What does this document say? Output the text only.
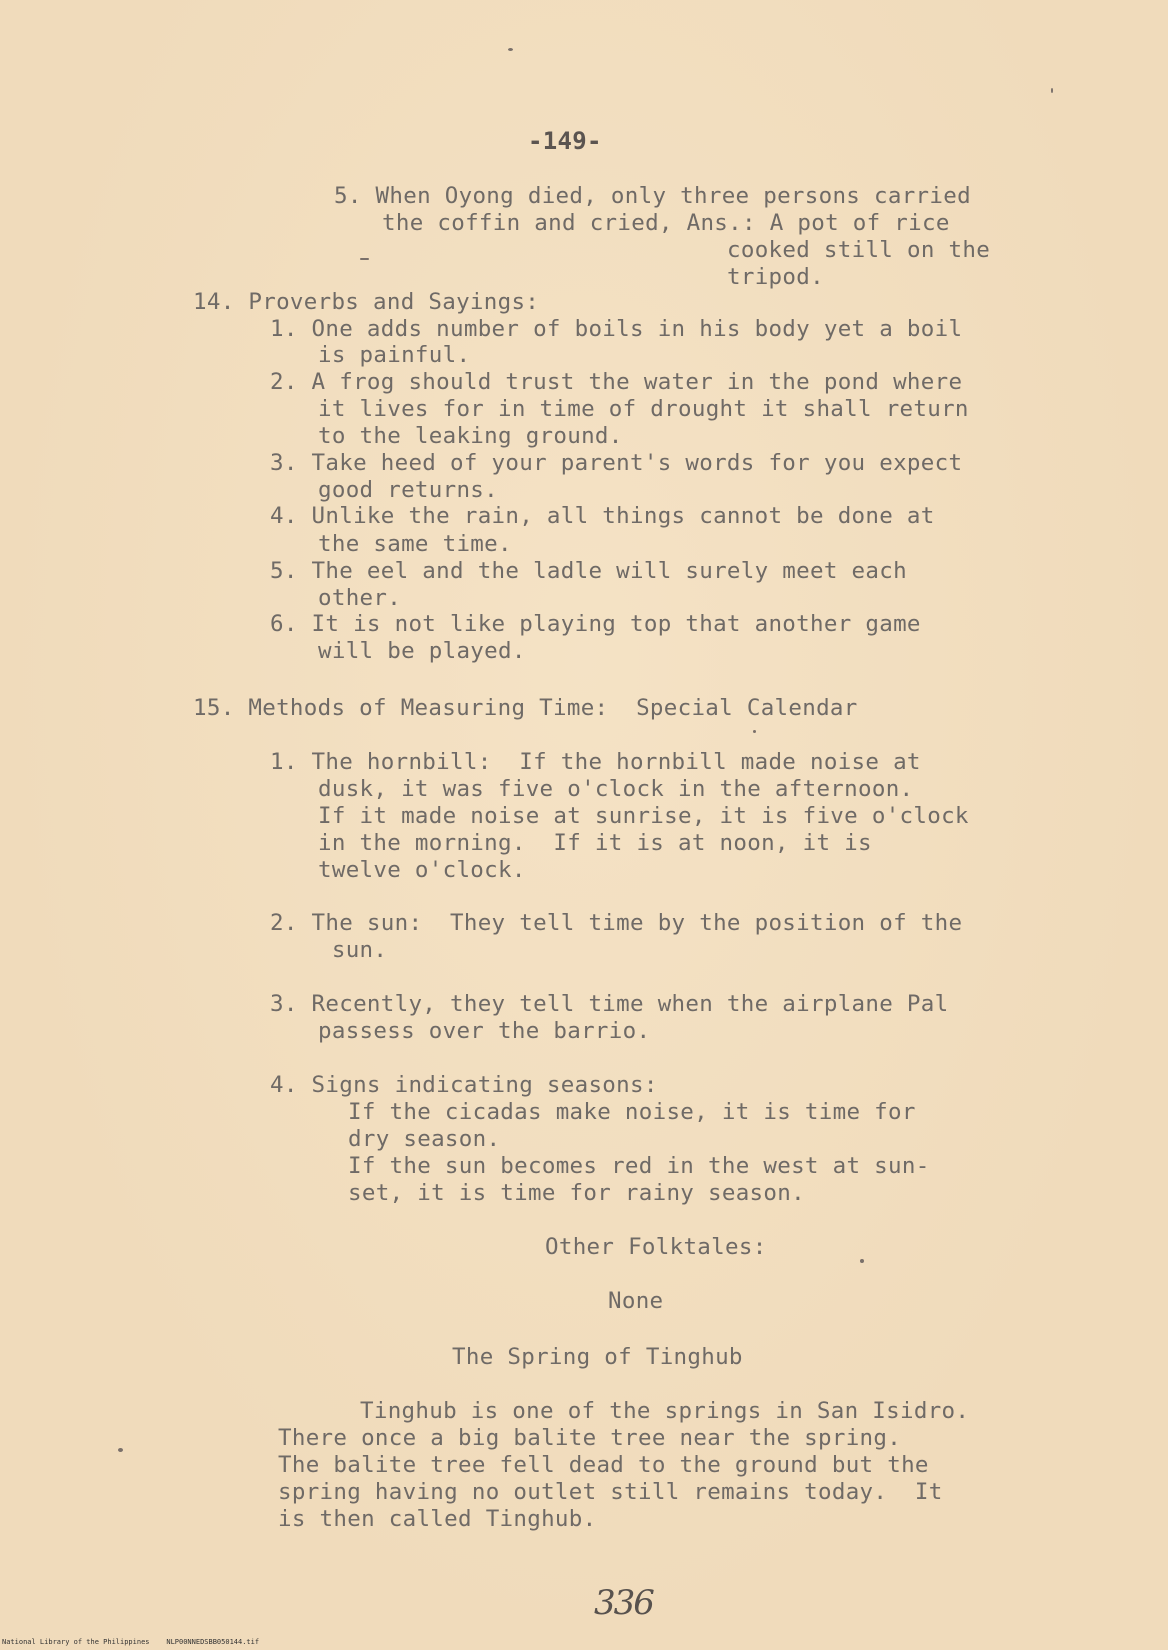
-149-
5. When Oyong died, only three persons carried
the coffin and cried, Ans.: A pot of rice
cooked still on the
tripod.
14. Proverbs and Sayings:
1. One adds number of boils in his body yet a boil
is painful.
2. A frog should trust the water in the pond where
it lives for in time of drought it shall return
to the leaking ground.
3. Take heed of your parent's words for you expect
good returns.
4. Unlike the rain, all things cannot be done at
the same time.
5. The eel and the ladle will surely meet each
other.
6. It is not like playing top that another game
will be played.
15. Methods of Measuring Time:  Special Calendar
1. The hornbill:  If the hornbill made noise at
dusk, it was five o'clock in the afternoon.
If it made noise at sunrise, it is five o'clock
in the morning.  If it is at noon, it is
twelve o'clock.
2. The sun:  They tell time by the position of the
sun.
3. Recently, they tell time when the airplane Pal
passess over the barrio.
4. Signs indicating seasons:
If the cicadas make noise, it is time for
dry season.
If the sun becomes red in the west at sun-
set, it is time for rainy season.
Other Folktales:
None
The Spring of Tinghub
Tinghub is one of the springs in San Isidro.
There once a big balite tree near the spring.
The balite tree fell dead to the ground but the
spring having no outlet still remains today.  It
is then called Tinghub.
336
National Library of the Philippines    NLP00NNEDSBB050144.tif
